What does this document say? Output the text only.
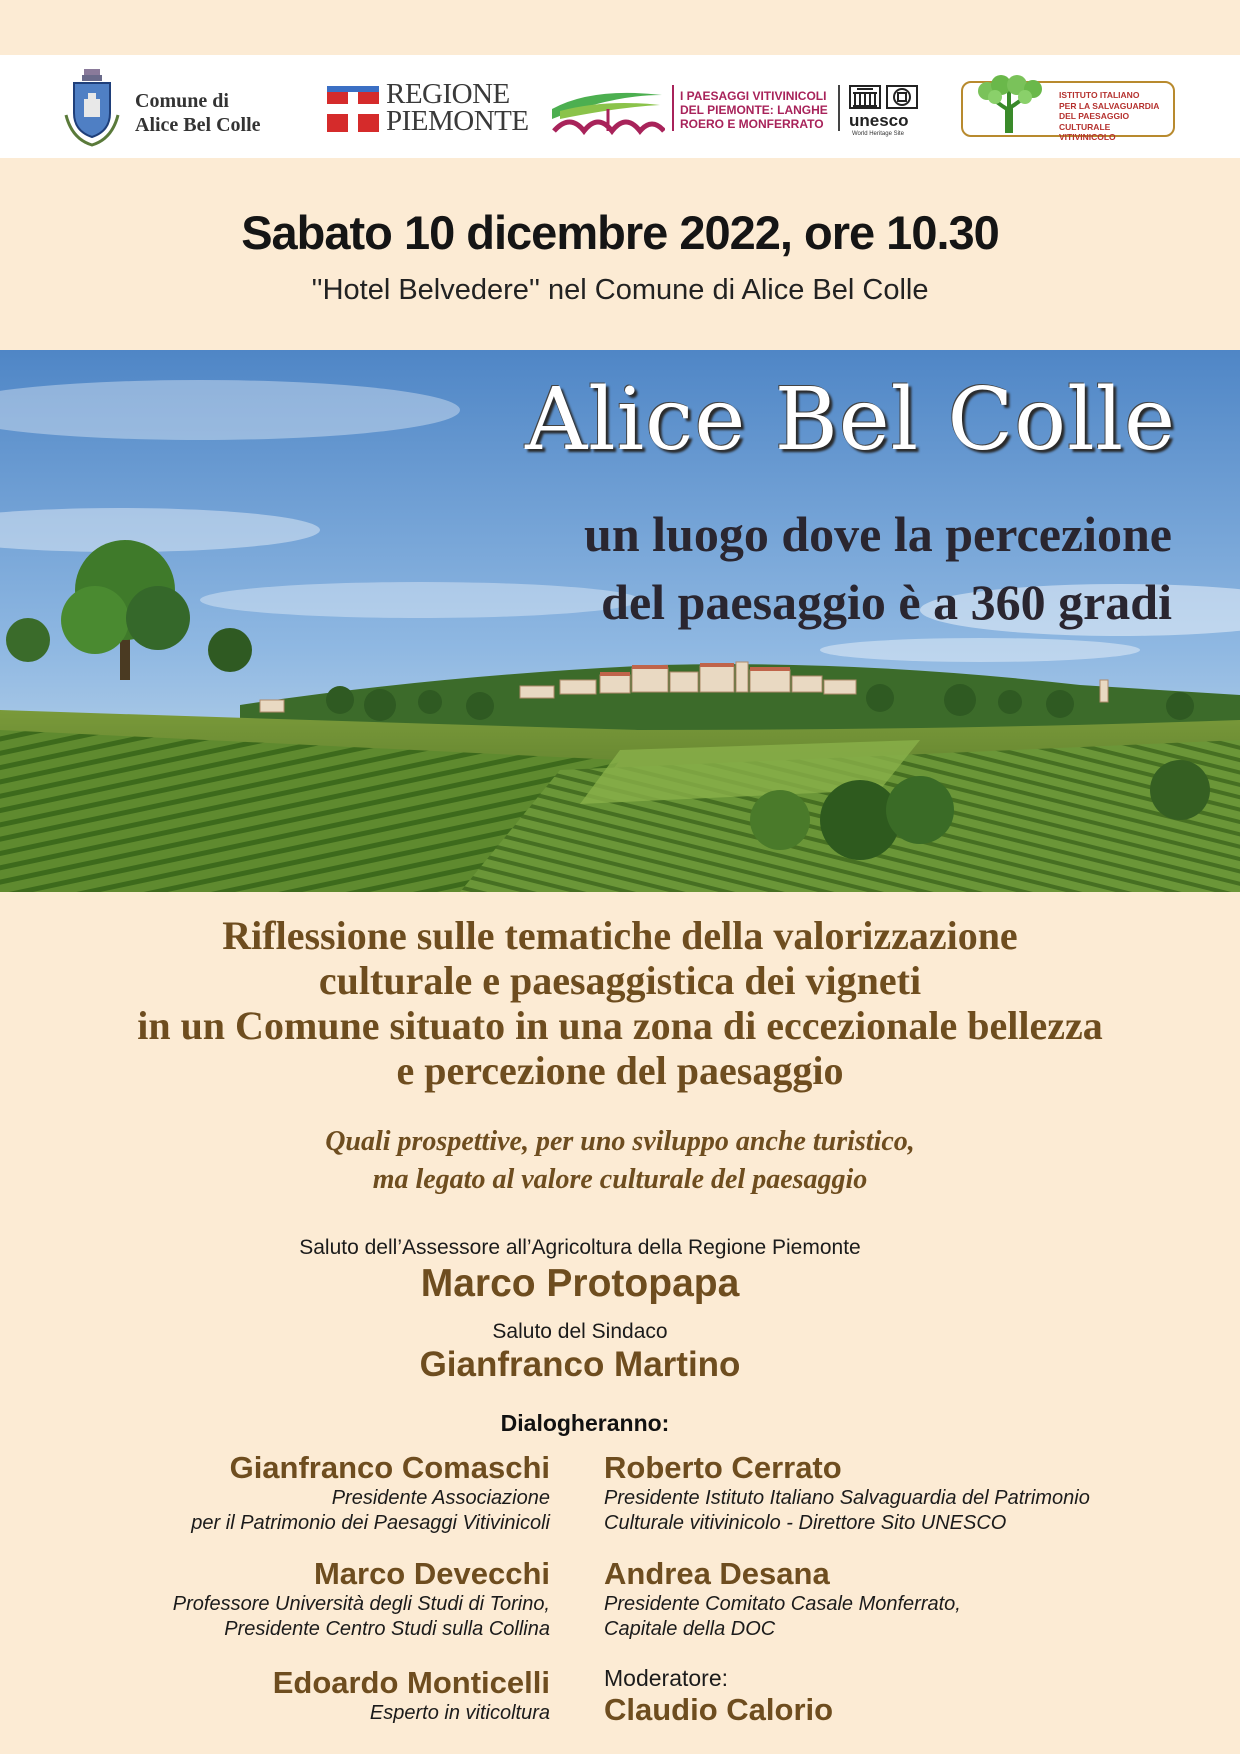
Comune di
Alice Bel Colle
REGIONE
PIEMONTE
I PAESAGGI VITIVINICOLI
DEL PIEMONTE: LANGHE
ROERO E MONFERRATO unesco
World Heritage Site
ISTITUTO ITALIANO
PER LA SALVAGUARDIA
DEL PAESAGGIO CULTURALE
VITIVINICOLO
Sabato 10 dicembre 2022, ore 10.30
''Hotel Belvedere'' nel Comune di Alice Bel Colle
Alice Bel Colle
un luogo dove la percezione
del paesaggio è a 360 gradi
Riflessione sulle tematiche della valorizzazione
culturale e paesaggistica dei vigneti
in un Comune situato in una zona di eccezionale bellezza
e percezione del paesaggio
Quali prospettive, per uno sviluppo anche turistico,
ma legato al valore culturale del paesaggio
Saluto dell’Assessore all’Agricoltura della Regione Piemonte
Marco Protopapa
Saluto del Sindaco
Gianfranco Martino
Dialogheranno:
Gianfranco Comaschi
Presidente Associazione
per il Patrimonio dei Paesaggi Vitivinicoli
Marco Devecchi
Professore Università degli Studi di Torino,
Presidente Centro Studi sulla Collina
Edoardo Monticelli
Esperto in viticoltura
Roberto Cerrato
Presidente Istituto Italiano Salvaguardia del Patrimonio
Culturale vitivinicolo - Direttore Sito UNESCO
Andrea Desana
Presidente Comitato Casale Monferrato,
Capitale della DOC
Moderatore:
Claudio Calorio
